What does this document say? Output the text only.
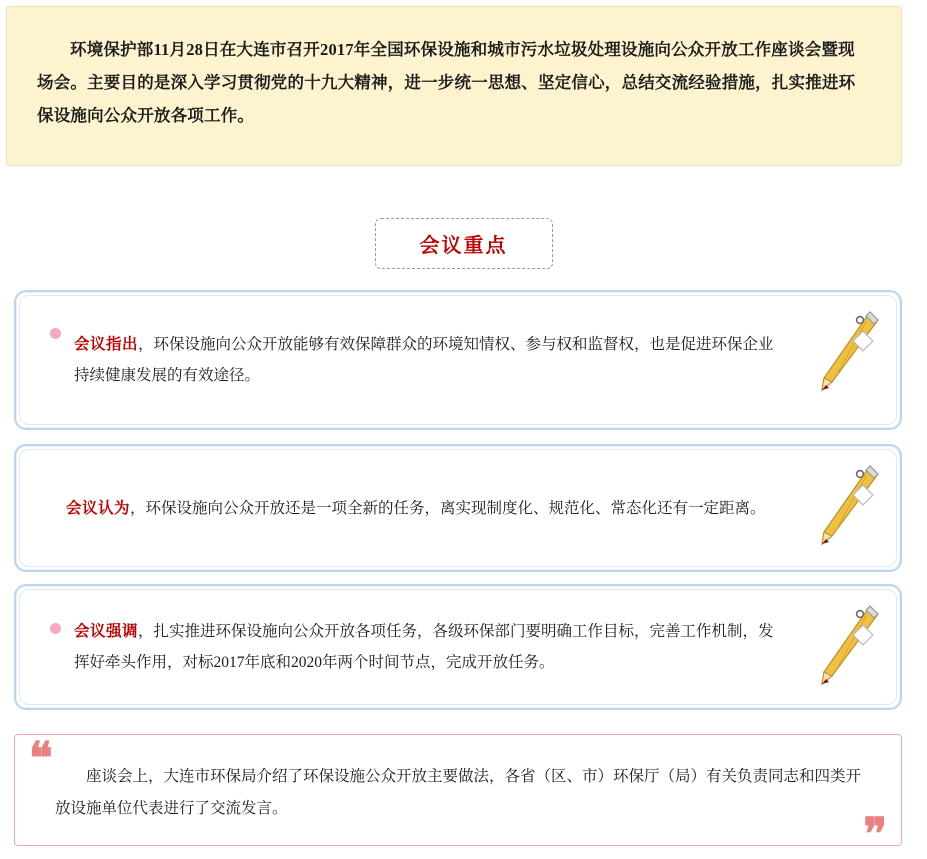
环境保护部11月28日在大连市召开2017年全国环保设施和城市污水垃圾处理设施向公众开放工作座谈会暨现场会。主要目的是深入学习贯彻党的十九大精神，进一步统一思想、坚定信心，总结交流经验措施，扎实推进环保设施向公众开放各项工作。
会议重点
会议指出，环保设施向公众开放能够有效保障群众的环境知情权、参与权和监督权，也是促进环保企业持续健康发展的有效途径。
会议认为，环保设施向公众开放还是一项全新的任务，离实现制度化、规范化、常态化还有一定距离。
会议强调，扎实推进环保设施向公众开放各项任务，各级环保部门要明确工作目标，完善工作机制，发挥好牵头作用，对标2017年底和2020年两个时间节点，完成开放任务。
❝	座谈会上，大连市环保局介绍了环保设施公众开放主要做法，各省（区、市）环保厅（局）有关负责同志和四类开放设施单位代表进行了交流发言。
❞
